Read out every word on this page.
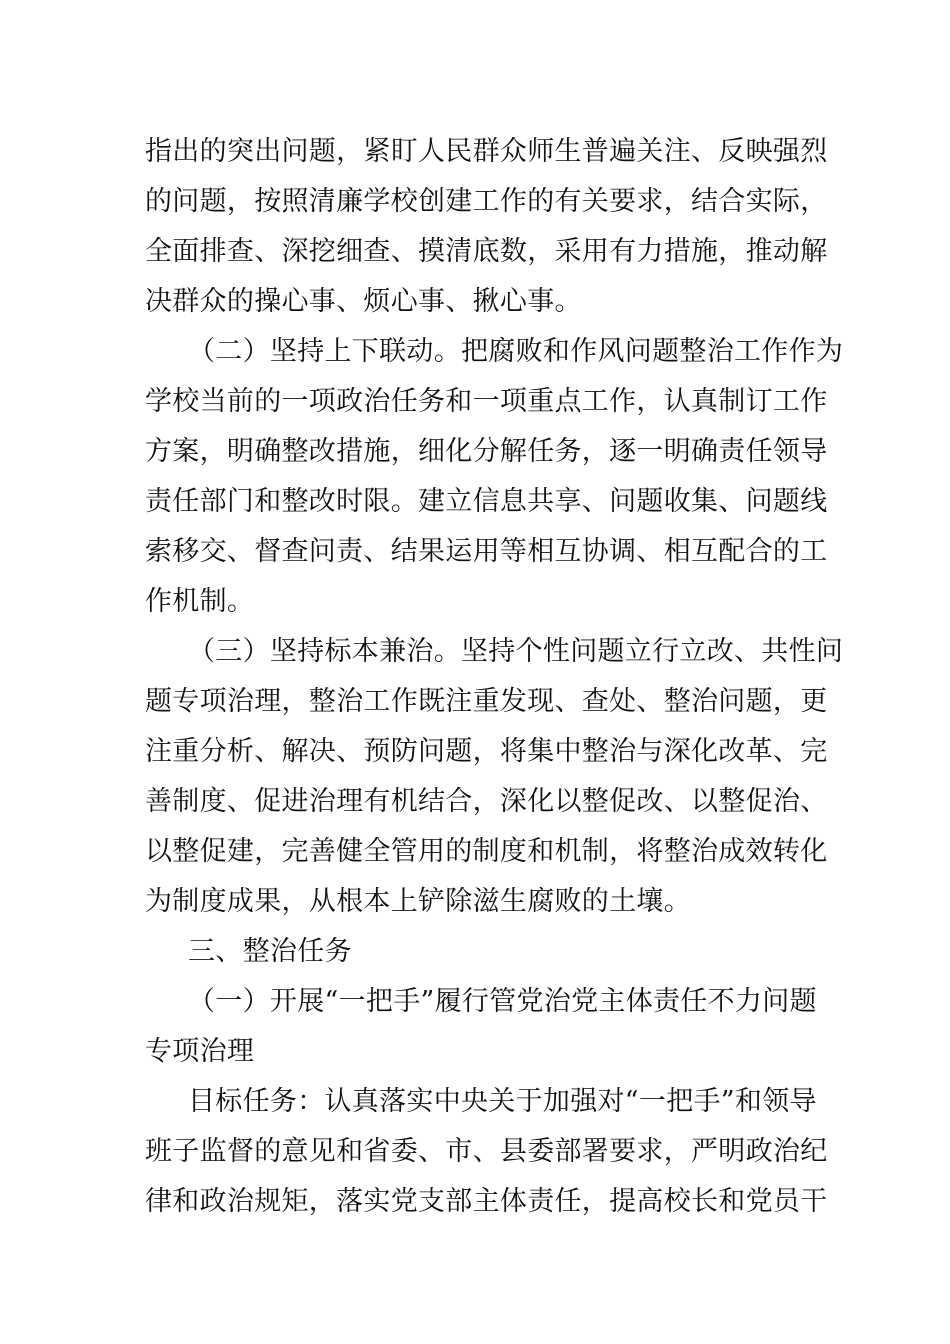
指出的突出问题，紧盯人民群众师生普遍关注、反映强烈
的问题，按照清廉学校创建工作的有关要求，结合实际，
全面排查、深挖细查、摸清底数，采用有力措施，推动解
决群众的操心事、烦心事、揪心事。
（二）坚持上下联动。把腐败和作风问题整治工作作为
学校当前的一项政治任务和一项重点工作，认真制订工作
方案，明确整改措施，细化分解任务，逐一明确责任领导
责任部门和整改时限。建立信息共享、问题收集、问题线
索移交、督查问责、结果运用等相互协调、相互配合的工
作机制。
（三）坚持标本兼治。坚持个性问题立行立改、共性问
题专项治理，整治工作既注重发现、查处、整治问题，更
注重分析、解决、预防问题，将集中整治与深化改革、完
善制度、促进治理有机结合，深化以整促改、以整促治、
以整促建，完善健全管用的制度和机制，将整治成效转化
为制度成果，从根本上铲除滋生腐败的土壤。
三、整治任务
（一）开展“一把手”履行管党治党主体责任不力问题
专项治理
目标任务：认真落实中央关于加强对“一把手”和领导
班子监督的意见和省委、市、县委部署要求，严明政治纪
律和政治规矩，落实党支部主体责任，提高校长和党员干
